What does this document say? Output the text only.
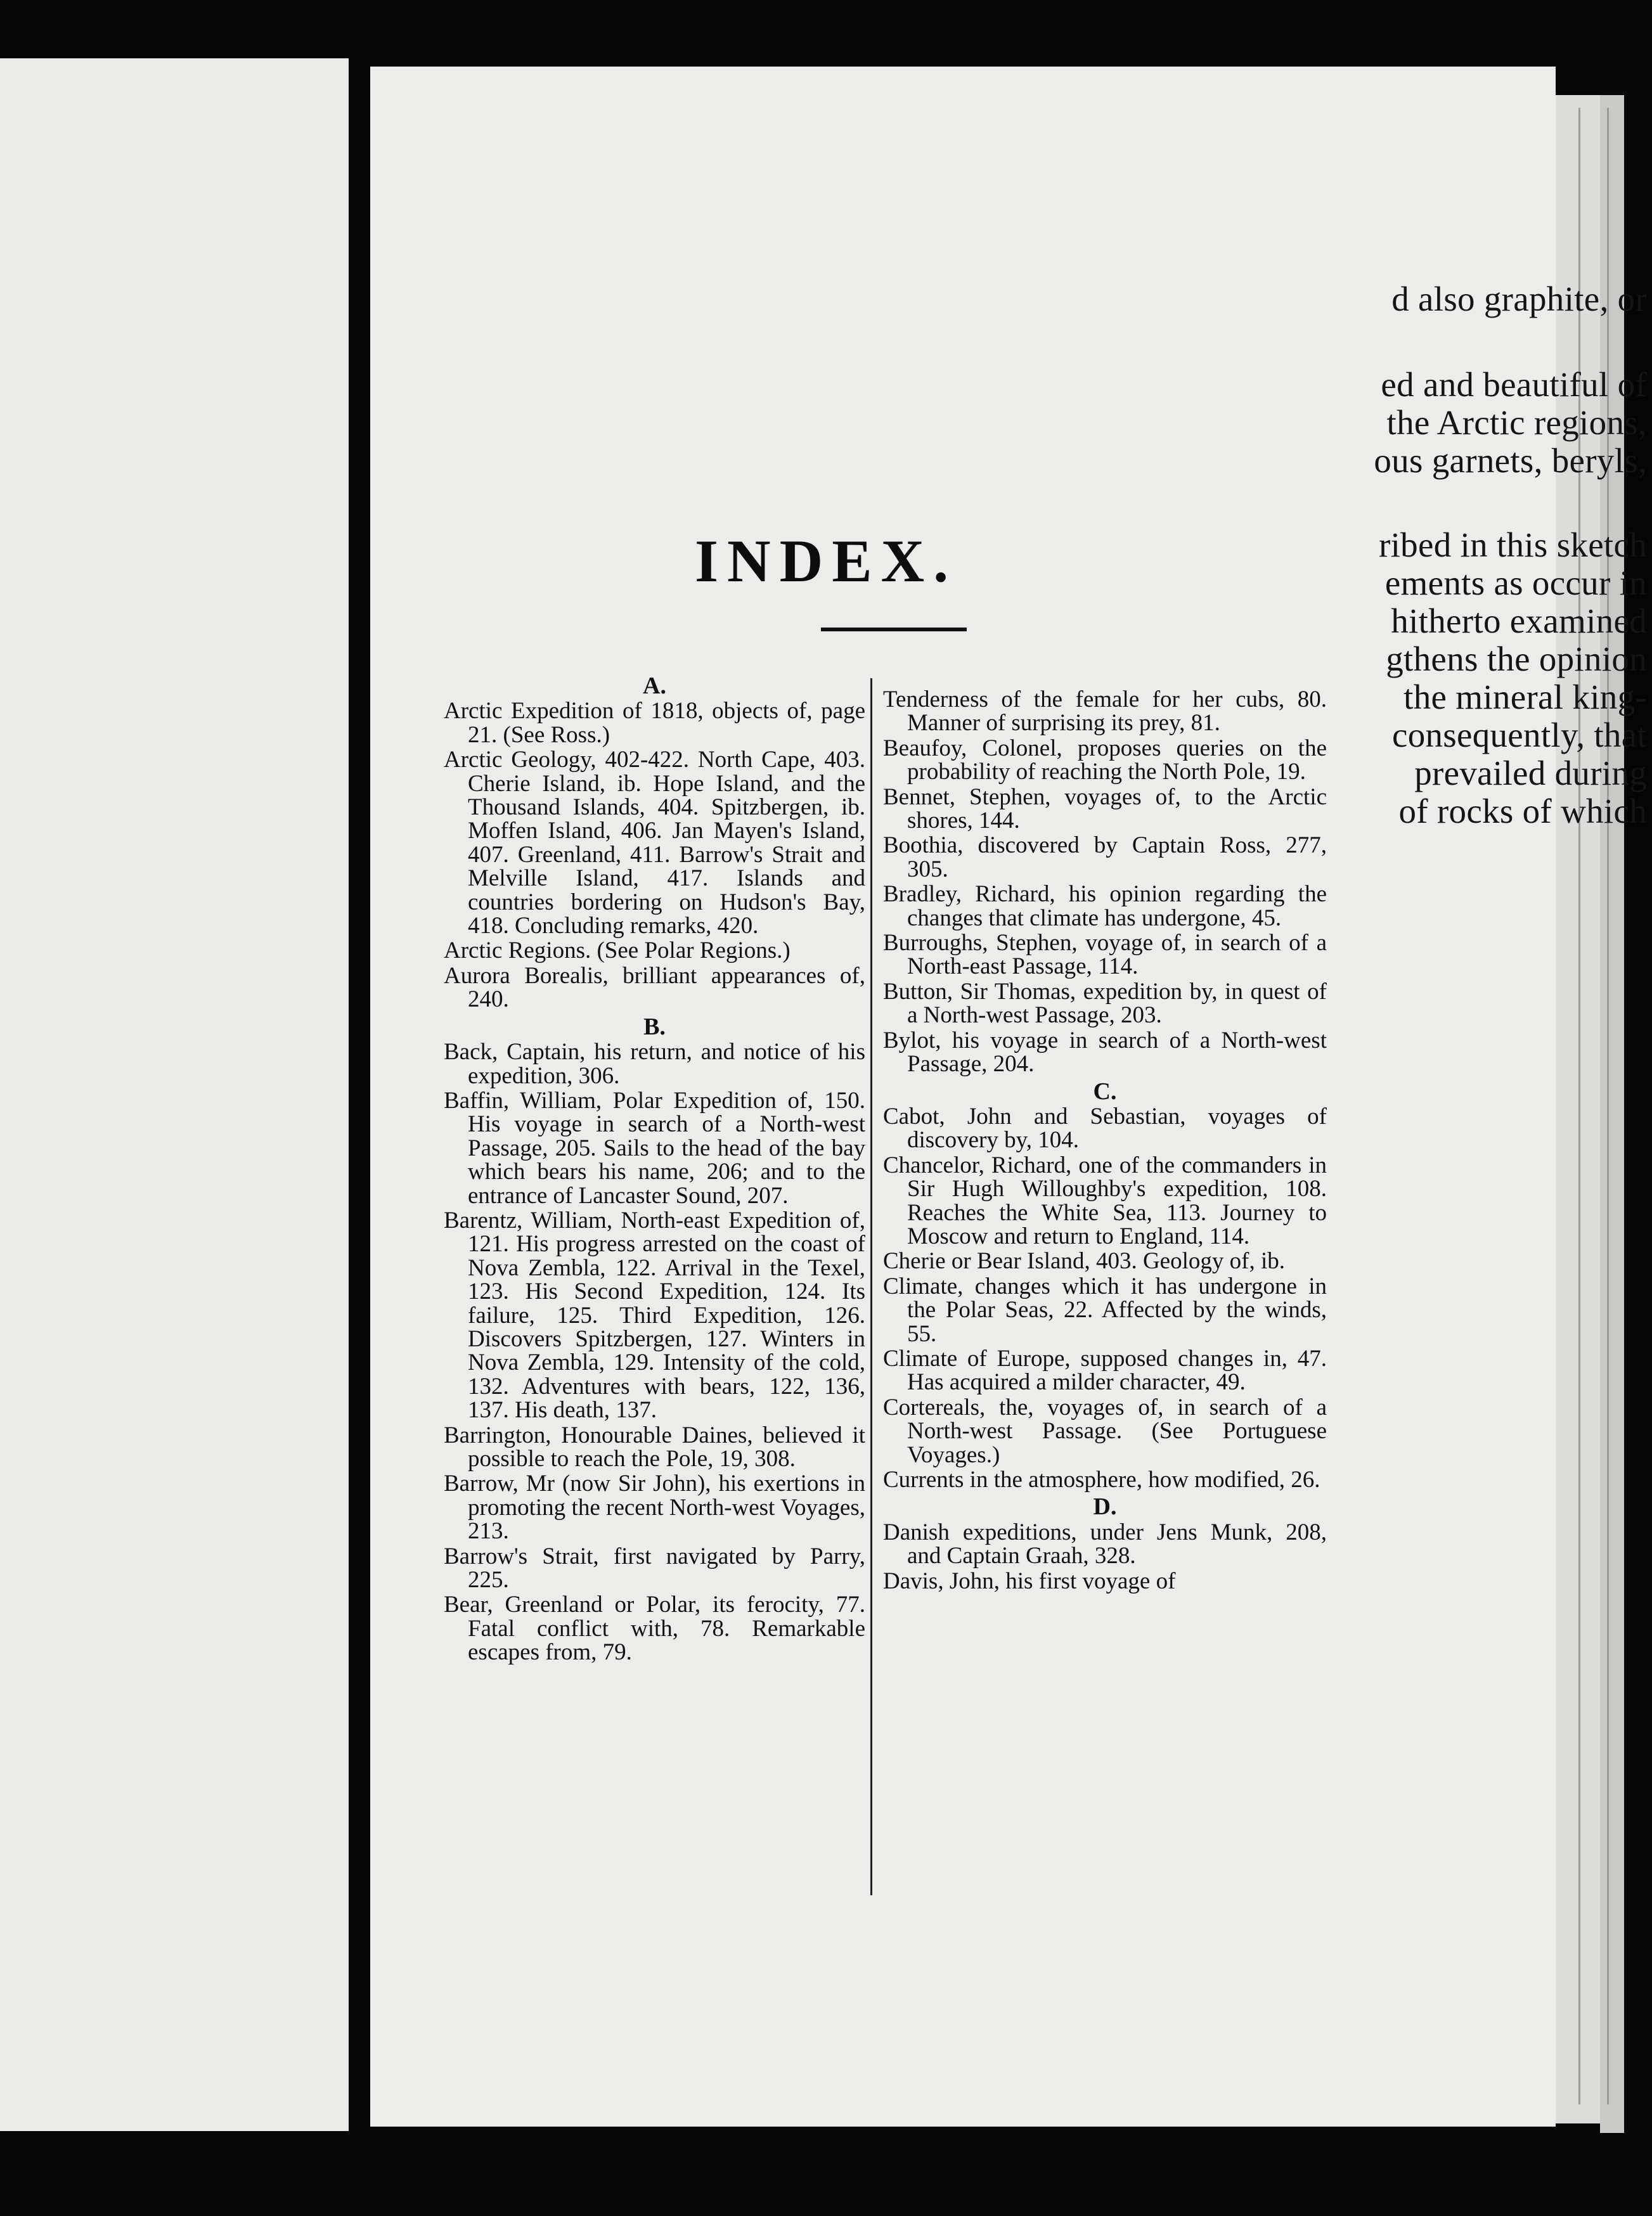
d also graphite, or
ed and beautiful of
the Arctic regions,
ous garnets, beryls,
ribed in this sketch
ements as occur in
hitherto examined
gthens the opinion
the mineral king-
consequently, that
prevailed during
of rocks of which
INDEX.
A.
Arctic Expedition of 1818, objects of, page 21. (See Ross.)
Arctic Geology, 402-422. North Cape, 403. Cherie Island, ib. Hope Island, and the Thousand Islands, 404. Spitzbergen, ib. Moffen Island, 406. Jan Mayen's Island, 407. Greenland, 411. Barrow's Strait and Melville Island, 417. Islands and countries bordering on Hudson's Bay, 418. Concluding remarks, 420.
Arctic Regions. (See Polar Regions.)
Aurora Borealis, brilliant appearances of, 240.
B.
Back, Captain, his return, and notice of his expedition, 306.
Baffin, William, Polar Expedition of, 150. His voyage in search of a North-west Passage, 205. Sails to the head of the bay which bears his name, 206; and to the entrance of Lancaster Sound, 207.
Barentz, William, North-east Expedition of, 121. His progress arrested on the coast of Nova Zembla, 122. Arrival in the Texel, 123. His Second Expedition, 124. Its failure, 125. Third Expedition, 126. Discovers Spitzbergen, 127. Winters in Nova Zembla, 129. Intensity of the cold, 132. Adventures with bears, 122, 136, 137. His death, 137.
Barrington, Honourable Daines, believed it possible to reach the Pole, 19, 308.
Barrow, Mr (now Sir John), his exertions in promoting the recent North-west Voyages, 213.
Barrow's Strait, first navigated by Parry, 225.
Bear, Greenland or Polar, its ferocity, 77. Fatal conflict with, 78. Remarkable escapes from, 79.
Tenderness of the female for her cubs, 80. Manner of surprising its prey, 81.
Beaufoy, Colonel, proposes queries on the probability of reaching the North Pole, 19.
Bennet, Stephen, voyages of, to the Arctic shores, 144.
Boothia, discovered by Captain Ross, 277, 305.
Bradley, Richard, his opinion regarding the changes that climate has undergone, 45.
Burroughs, Stephen, voyage of, in search of a North-east Passage, 114.
Button, Sir Thomas, expedition by, in quest of a North-west Passage, 203.
Bylot, his voyage in search of a North-west Passage, 204.
C.
Cabot, John and Sebastian, voyages of discovery by, 104.
Chancelor, Richard, one of the commanders in Sir Hugh Willoughby's expedition, 108. Reaches the White Sea, 113. Journey to Moscow and return to England, 114.
Cherie or Bear Island, 403. Geology of, ib.
Climate, changes which it has undergone in the Polar Seas, 22. Affected by the winds, 55.
Climate of Europe, supposed changes in, 47. Has acquired a milder character, 49.
Cortereals, the, voyages of, in search of a North-west Passage. (See Portuguese Voyages.)
Currents in the atmosphere, how modified, 26.
D.
Danish expeditions, under Jens Munk, 208, and Captain Graah, 328.
Davis, John, his first voyage of
